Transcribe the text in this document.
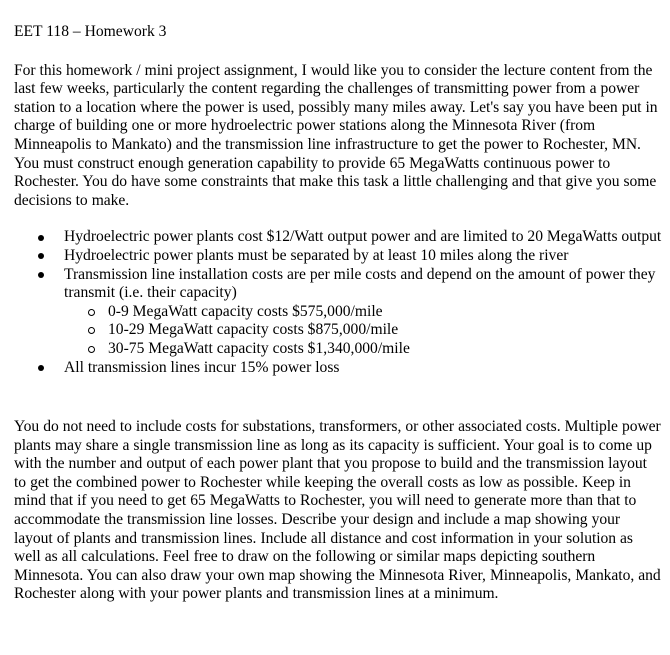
EET 118 – Homework 3

For this homework / mini project assignment, I would like you to consider the lecture content from the last few weeks, particularly the content regarding the challenges of transmitting power from a power station to a location where the power is used, possibly many miles away. Let's say you have been put in charge of building one or more hydroelectric power stations along the Minnesota River (from Minneapolis to Mankato) and the transmission line infrastructure to get the power to Rochester, MN. You must construct enough generation capability to provide 65 MegaWatts continuous power to Rochester. You do have some constraints that make this task a little challenging and that give you some decisions to make.

Hydroelectric power plants cost $12/Watt output power and are limited to 20 MegaWatts output
Hydroelectric power plants must be separated by at least 10 miles along the river
Transmission line installation costs are per mile costs and depend on the amount of power they transmit (i.e. their capacity)
0-9 MegaWatt capacity costs $575,000/mile
10-29 MegaWatt capacity costs $875,000/mile
30-75 MegaWatt capacity costs $1,340,000/mile
All transmission lines incur 15% power loss

You do not need to include costs for substations, transformers, or other associated costs. Multiple power plants may share a single transmission line as long as its capacity is sufficient. Your goal is to come up with the number and output of each power plant that you propose to build and the transmission layout to get the combined power to Rochester while keeping the overall costs as low as possible. Keep in mind that if you need to get 65 MegaWatts to Rochester, you will need to generate more than that to accommodate the transmission line losses. Describe your design and include a map showing your layout of plants and transmission lines. Include all distance and cost information in your solution as well as all calculations. Feel free to draw on the following or similar maps depicting southern Minnesota. You can also draw your own map showing the Minnesota River, Minneapolis, Mankato, and Rochester along with your power plants and transmission lines at a minimum.
